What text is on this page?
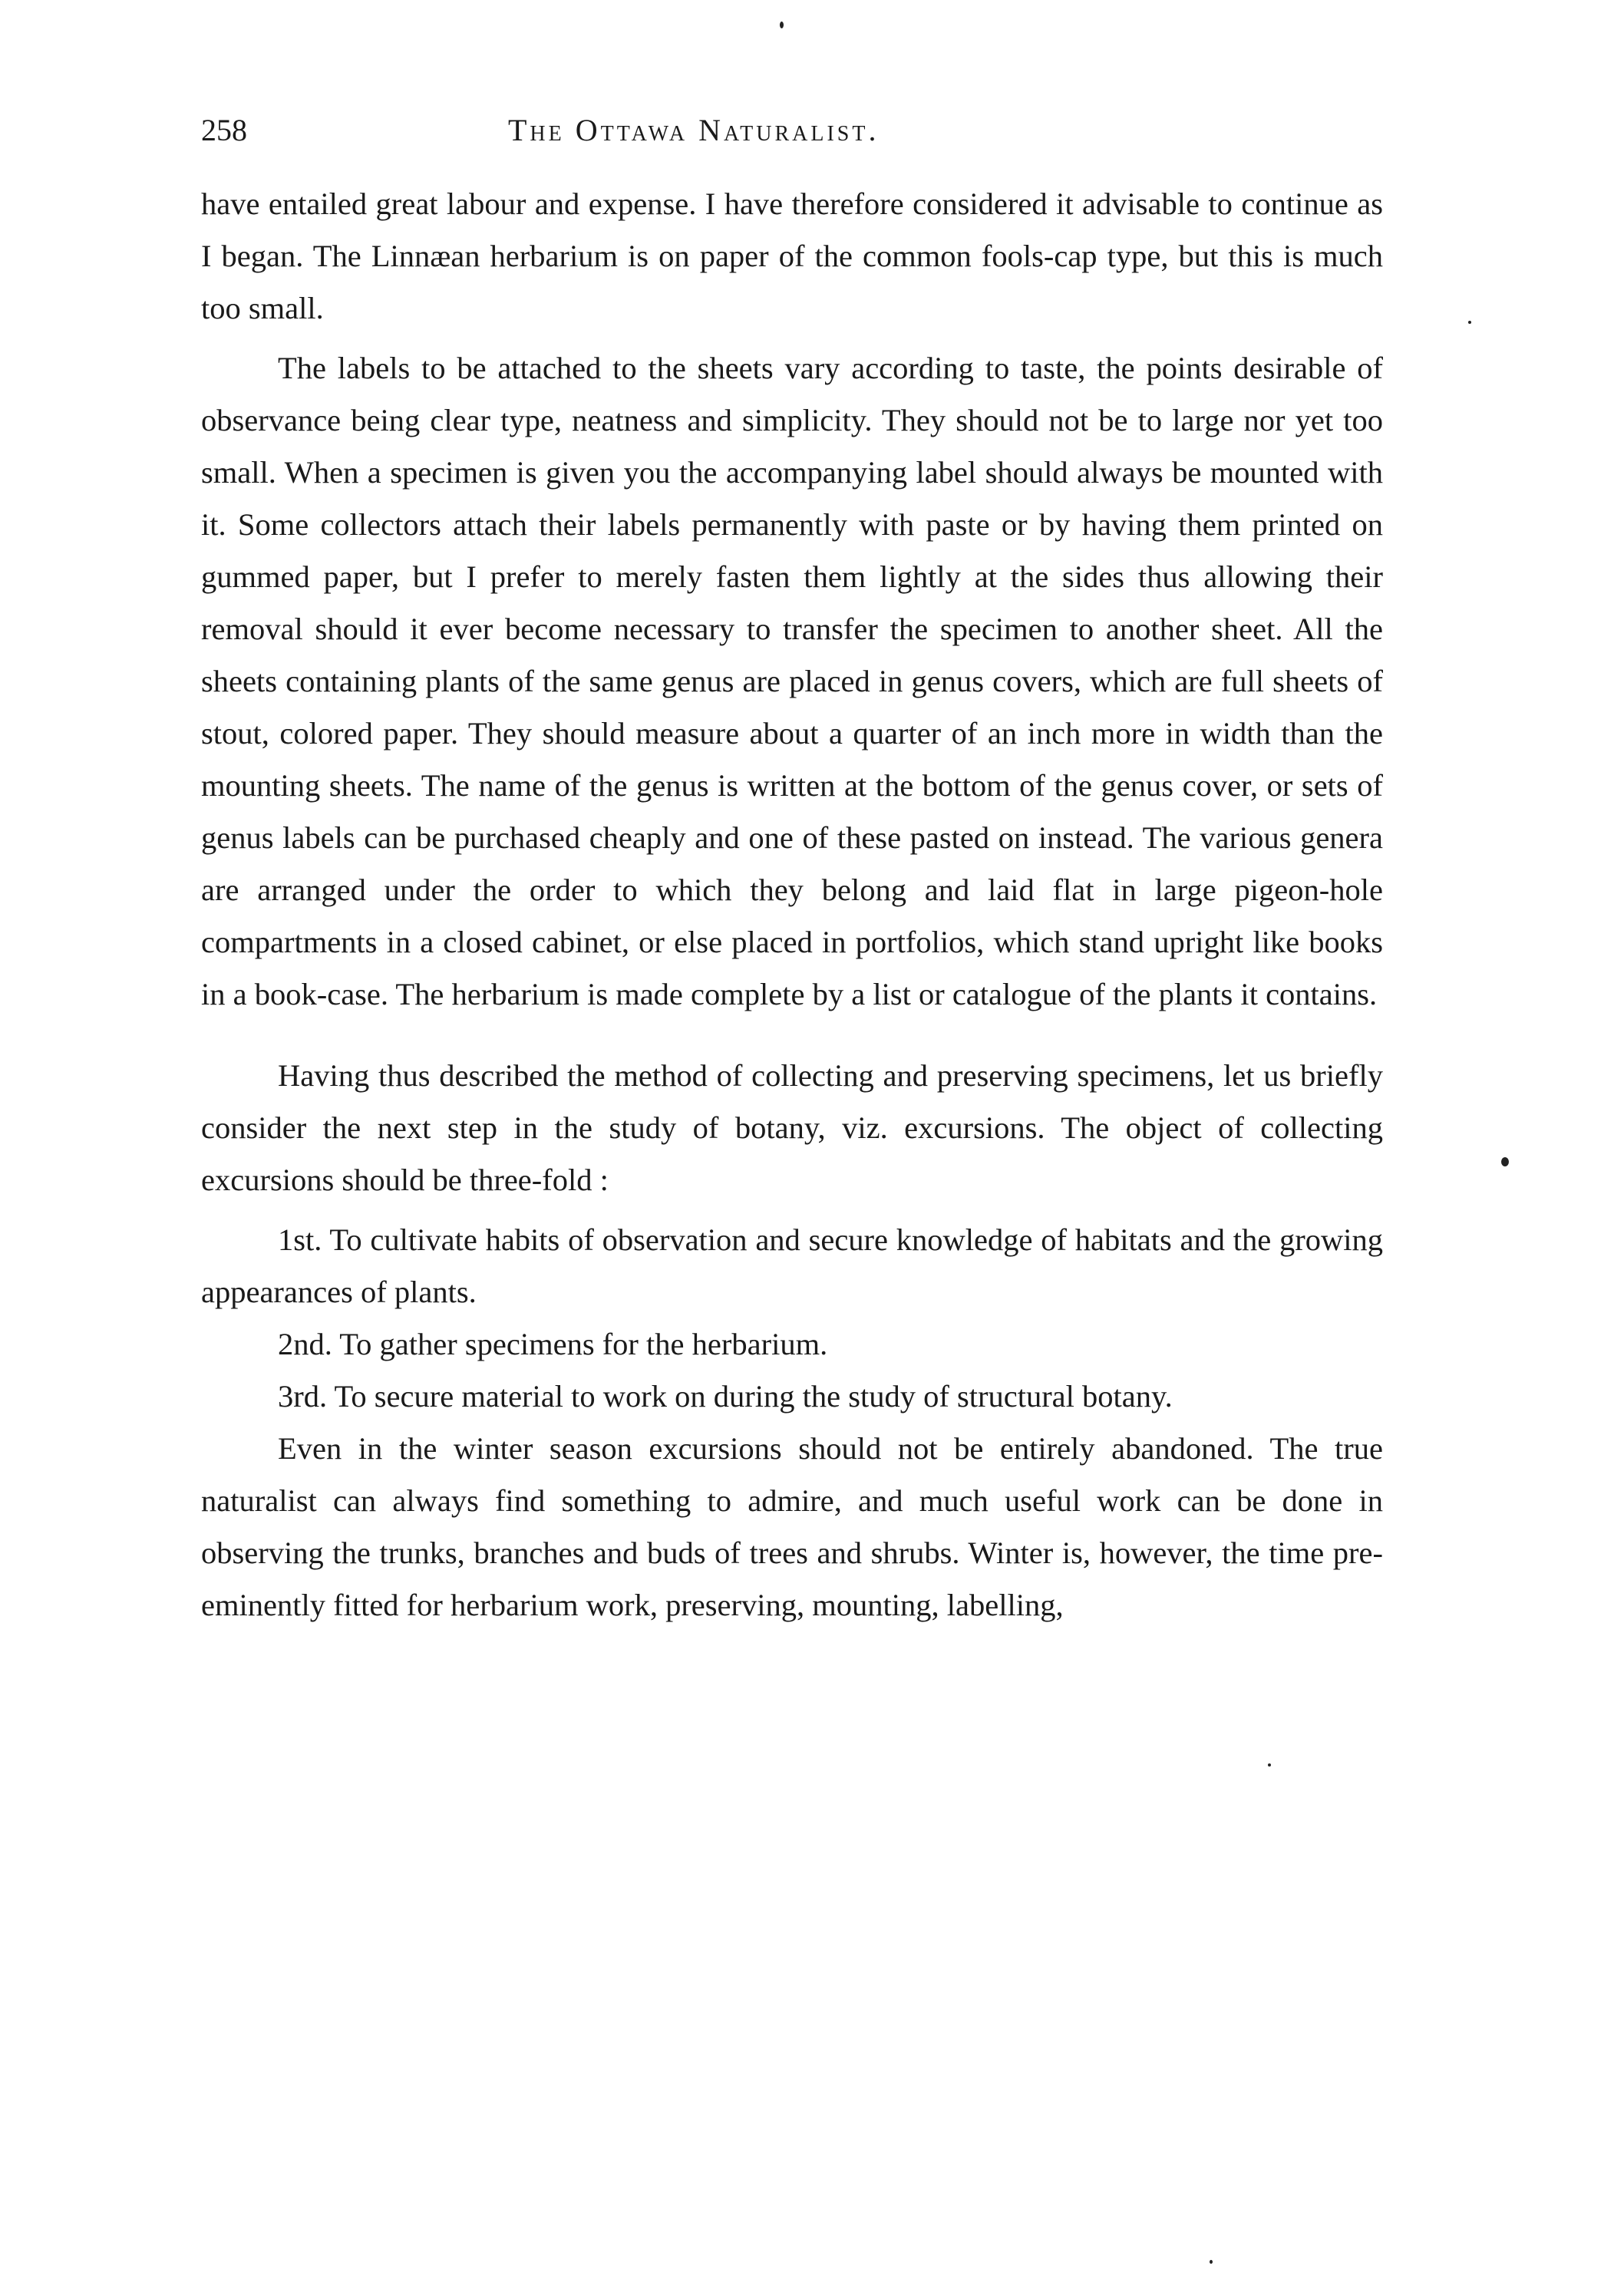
258	The Ottawa Naturalist.

have entailed great labour and expense. I have therefore considered it advisable to continue as I began. The Linnæan herbarium is on paper of the common fools-cap type, but this is much too small.

The labels to be attached to the sheets vary according to taste, the points desirable of observance being clear type, neatness and simplicity. They should not be to large nor yet too small. When a specimen is given you the accompanying label should always be mounted with it. Some collectors attach their labels permanently with paste or by having them printed on gummed paper, but I prefer to merely fasten them lightly at the sides thus allowing their removal should it ever become necessary to transfer the specimen to another sheet. All the sheets containing plants of the same genus are placed in genus covers, which are full sheets of stout, colored paper. They should measure about a quarter of an inch more in width than the mounting sheets. The name of the genus is written at the bottom of the genus cover, or sets of genus labels can be purchased cheaply and one of these pasted on instead. The various genera are arranged under the order to which they belong and laid flat in large pigeon-hole compartments in a closed cabinet, or else placed in portfolios, which stand upright like books in a book-case. The herbarium is made complete by a list or catalogue of the plants it contains.

Having thus described the method of collecting and preserving specimens, let us briefly consider the next step in the study of botany, viz. excursions. The object of collecting excursions should be three-fold :

1st. To cultivate habits of observation and secure knowledge of habitats and the growing appearances of plants.

2nd. To gather specimens for the herbarium.

3rd. To secure material to work on during the study of structural botany.

Even in the winter season excursions should not be entirely abandoned. The true naturalist can always find something to admire, and much useful work can be done in observing the trunks, branches and buds of trees and shrubs. Winter is, however, the time pre-eminently fitted for herbarium work, preserving, mounting, labelling,
